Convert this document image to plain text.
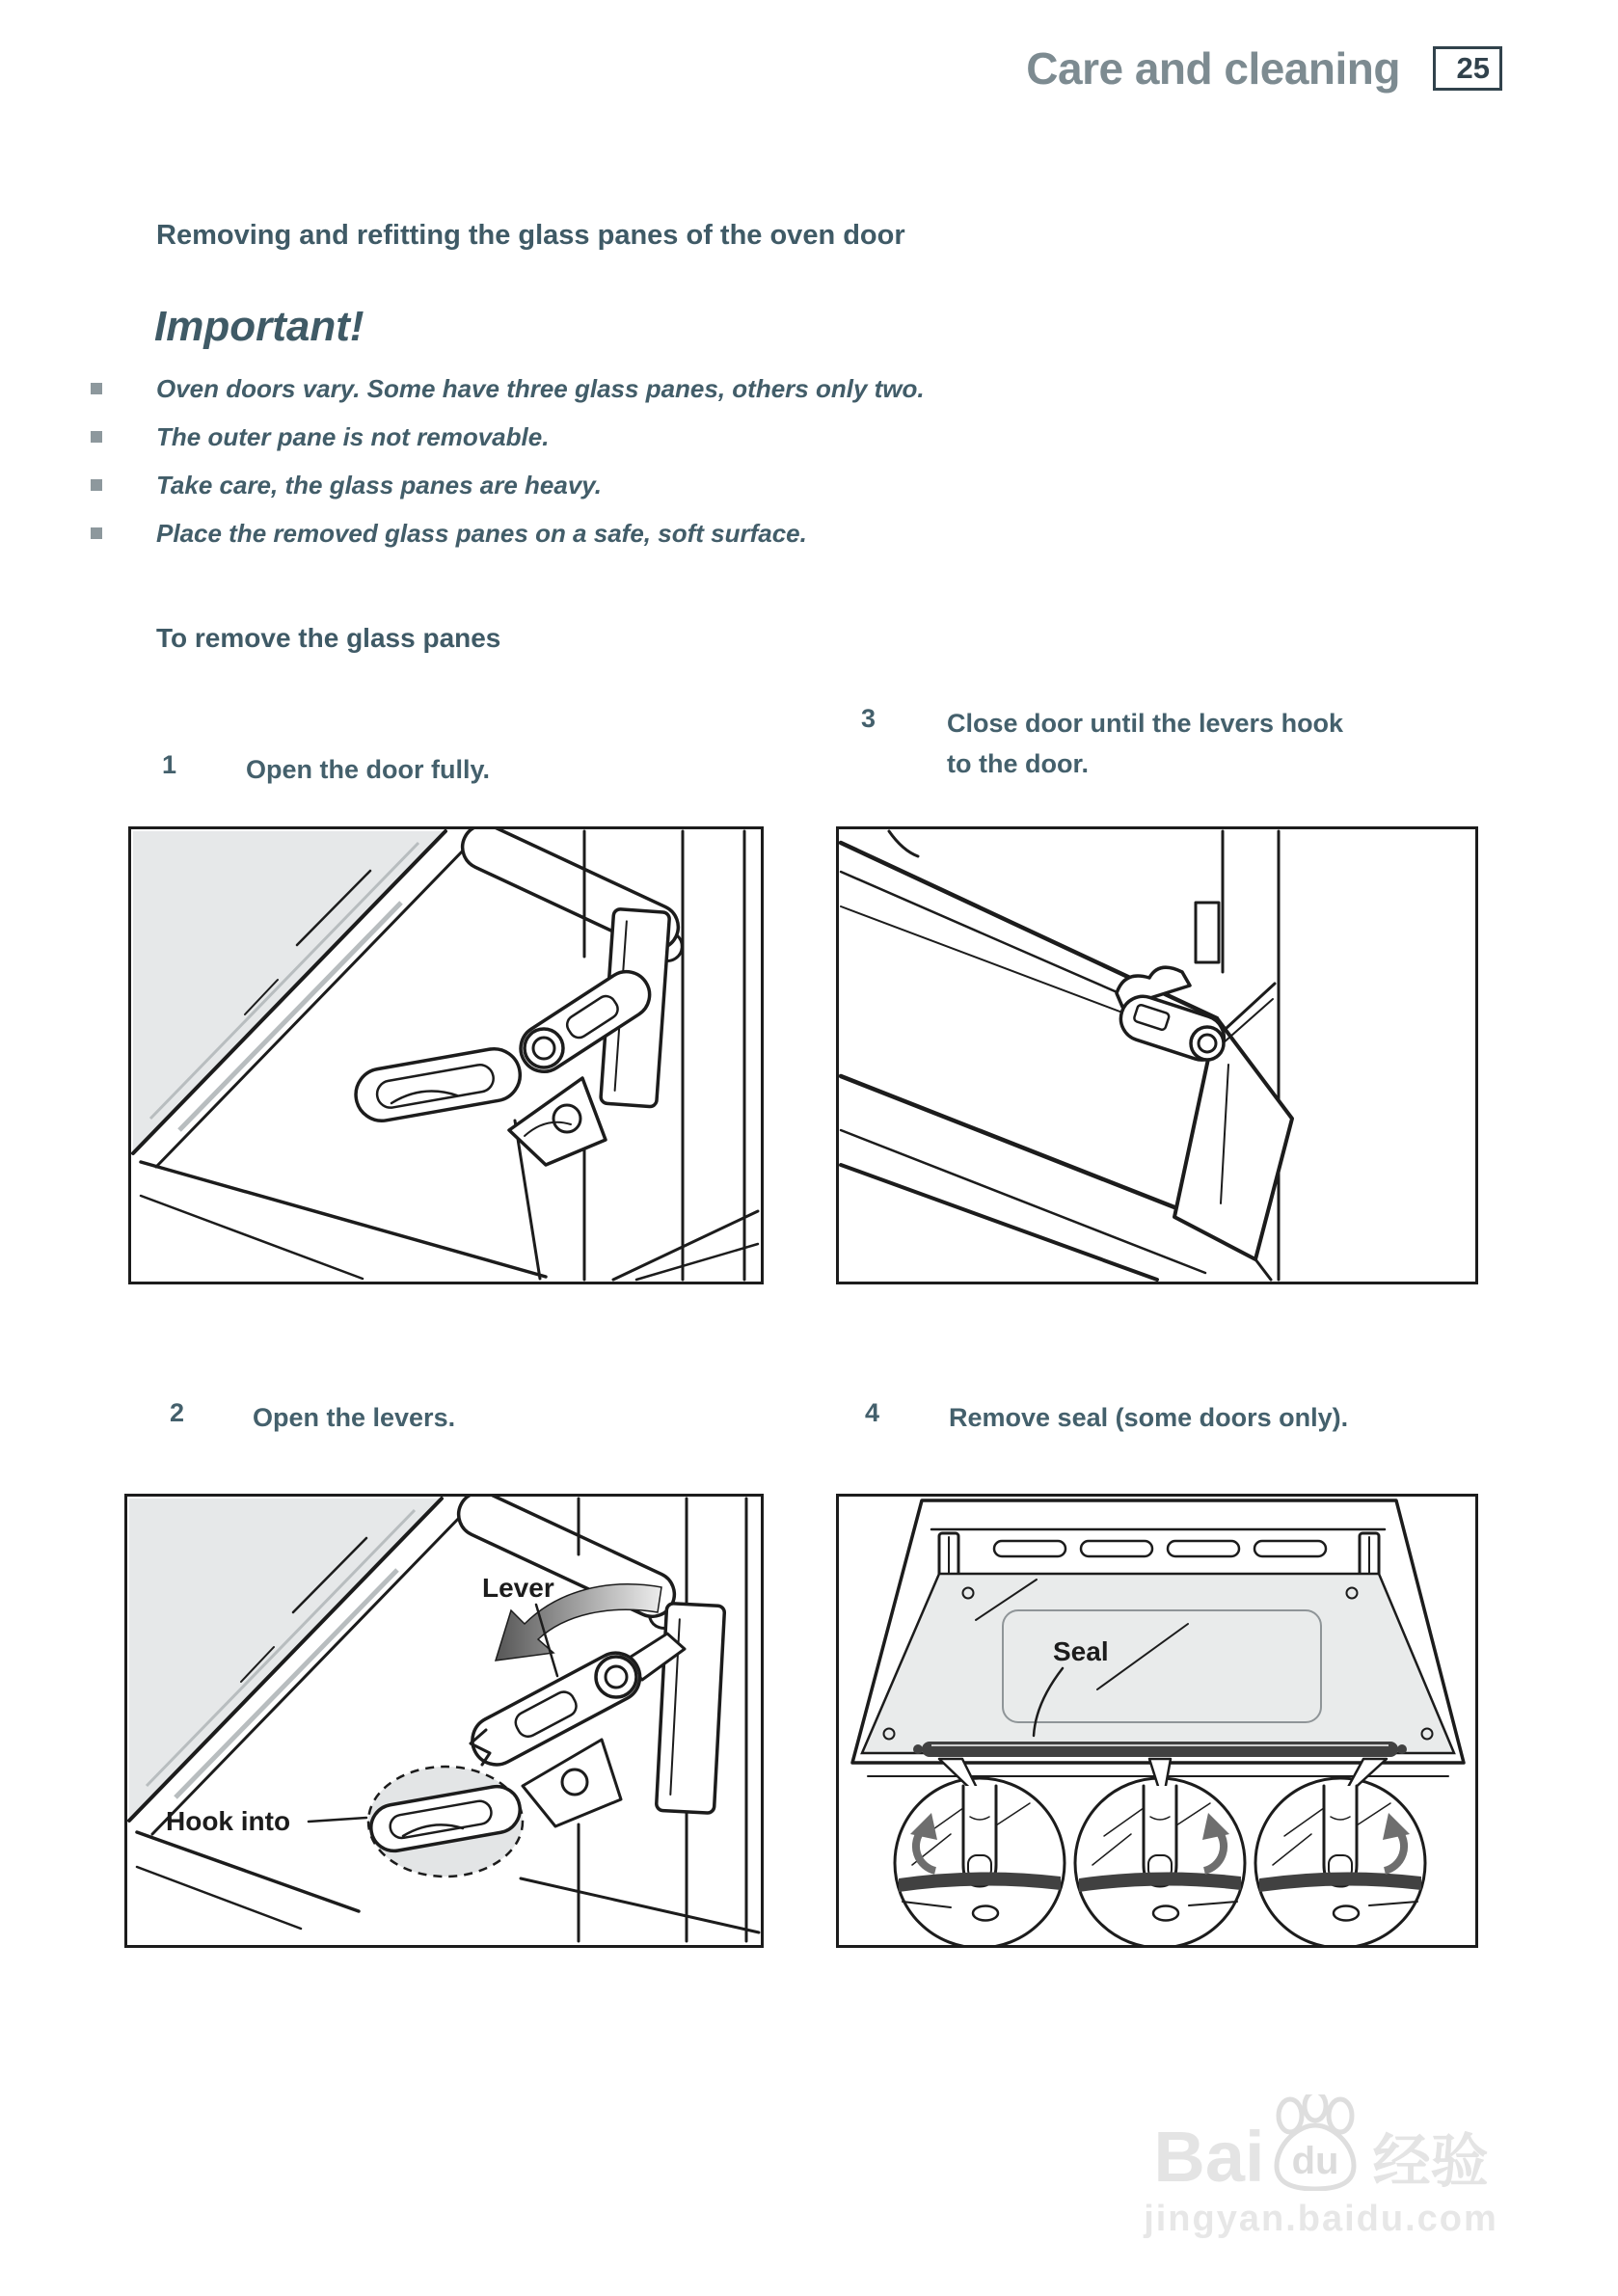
Care and cleaning 25
Removing and refitting the glass panes of the oven door
Important!
Oven doors vary. Some have three glass panes, others only two.
The outer pane is not removable.
Take care, the glass panes are heavy.
Place the removed glass panes on a safe, soft surface.
To remove the glass panes
1	Open the door fully.
3	Close door until the levers hook to the door.
2	Open the levers.	4	Remove seal (some doors only).
Lever
Hook into
Seal
Bai du 经验
jingyan.baidu.com
